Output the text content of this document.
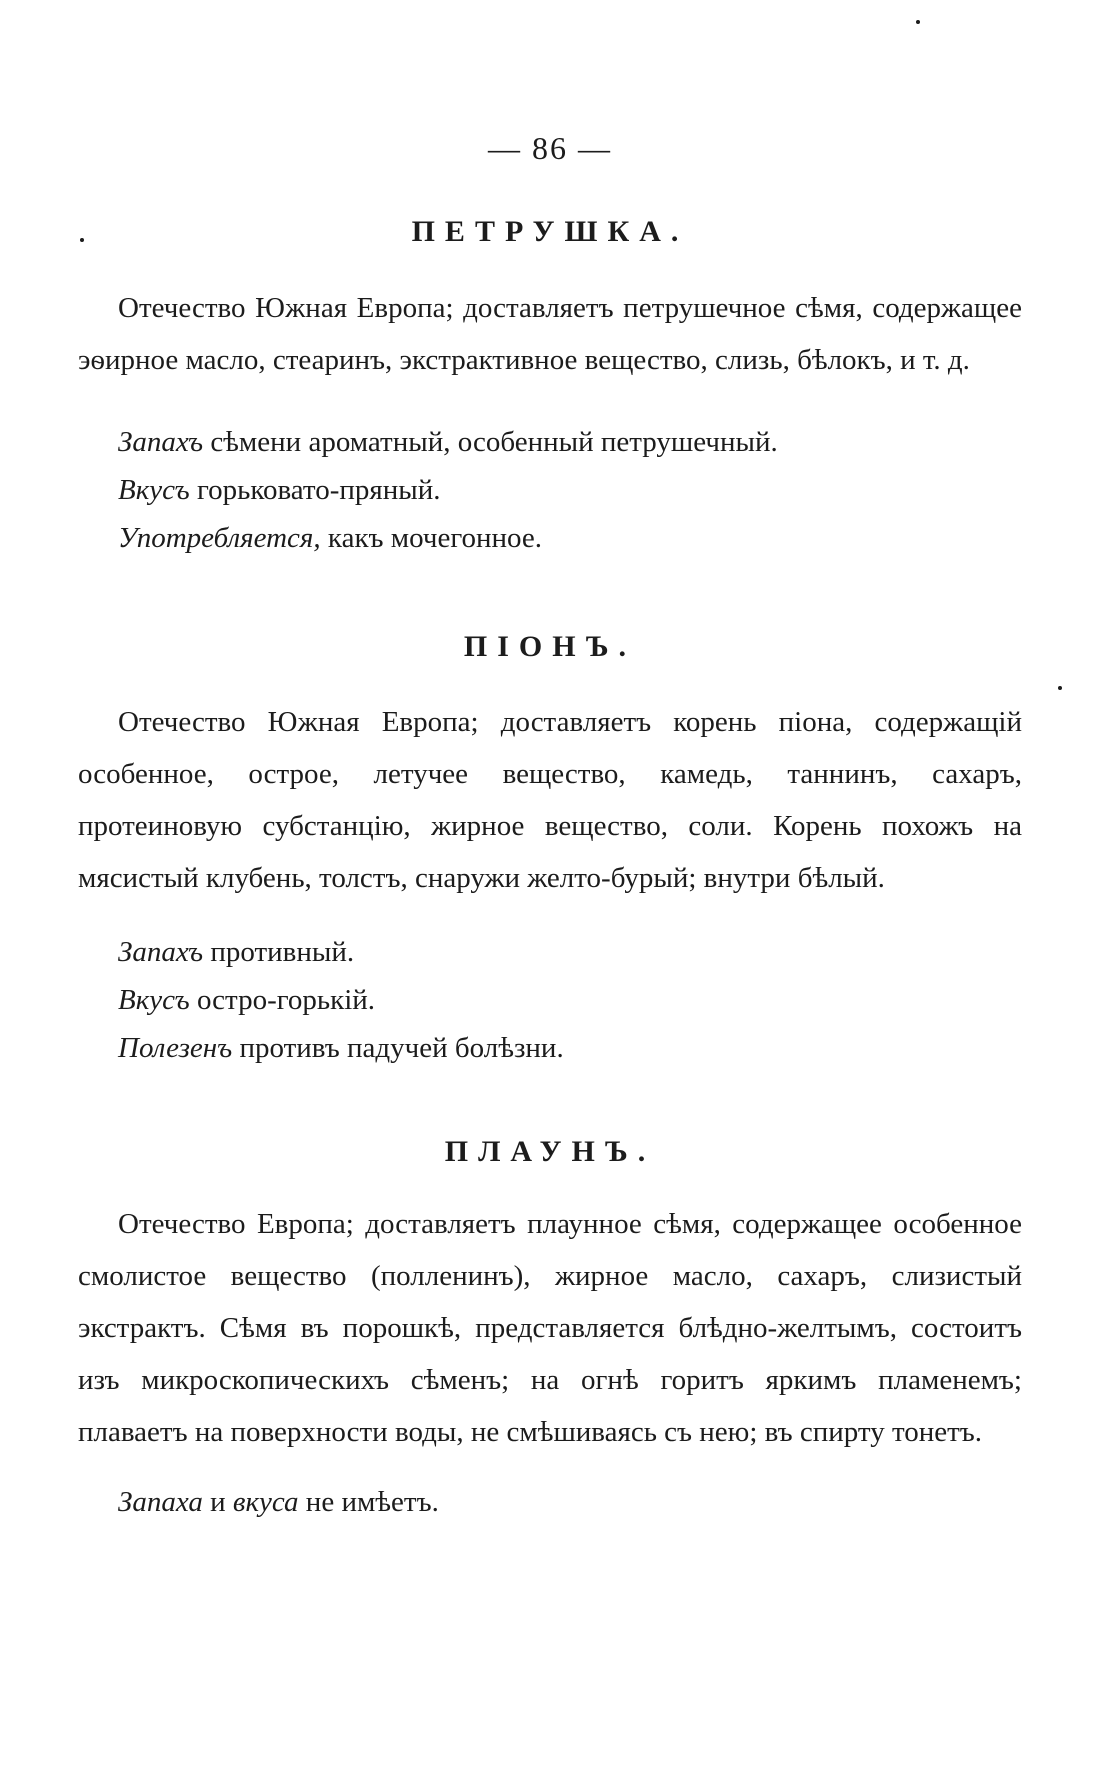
— 86 —
ПЕТРУШКА.

Отечество Южная Европа; доставляетъ петрушечное сѣмя, содержащее эѳирное масло, стеаринъ, экстрактивное вещество, слизь, бѣлокъ, и т. д.

Запахъ сѣмени ароматный, особенный петрушечный.
Вкусъ горьковато-пряный.
Употребляется, какъ мочегонное.
ПІОНЪ.

Отечество Южная Европа; доставляетъ корень піона, содержащій особенное, острое, летучее вещество, камедь, таннинъ, сахаръ, протеиновую субстанцію, жирное вещество, соли. Корень похожъ на мясистый клубень, толстъ, снаружи желто-бурый; внутри бѣлый.

Запахъ противный.
Вкусъ остро-горькій.
Полезенъ противъ падучей болѣзни.
ПЛАУНЪ.

Отечество Европа; доставляетъ плаунное сѣмя, содержащее особенное смолистое вещество (полленинъ), жирное масло, сахаръ, слизистый экстрактъ. Сѣмя въ порошкѣ, представляется блѣдно-желтымъ, состоитъ изъ микроскопическихъ сѣменъ; на огнѣ горитъ яркимъ пламенемъ; плаваетъ на поверхности воды, не смѣшиваясь съ нею; въ спирту тонетъ.

Запаха и вкуса не имѣетъ.
